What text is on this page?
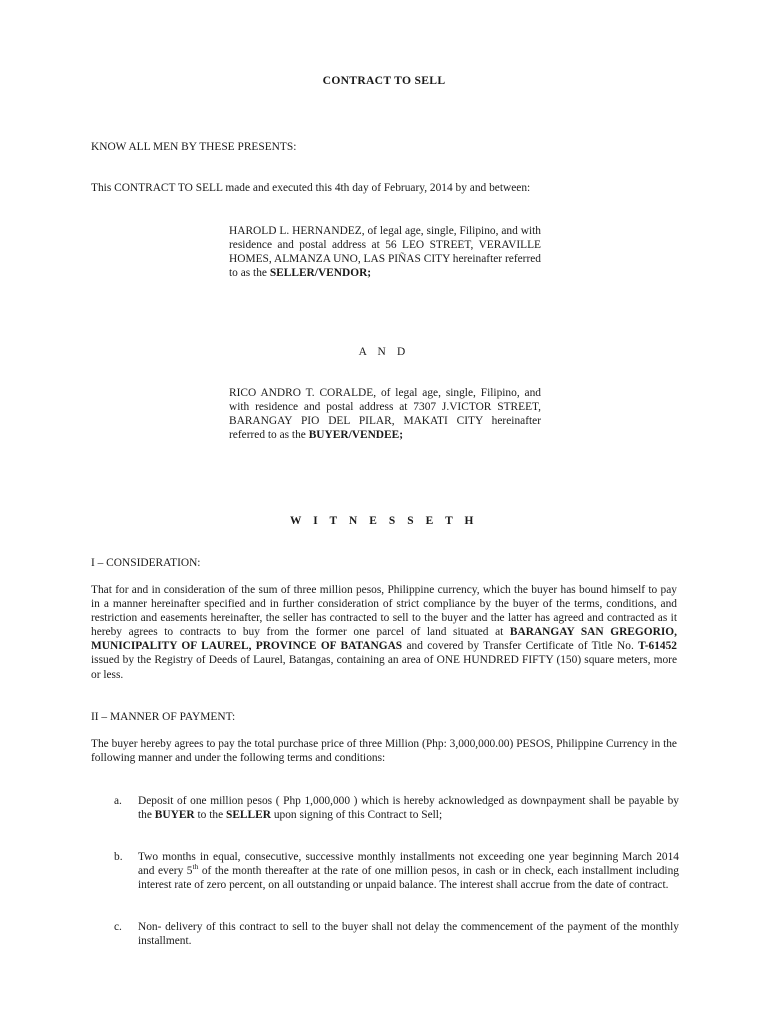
CONTRACT TO SELL
KNOW ALL MEN BY THESE PRESENTS:
This CONTRACT TO SELL made and executed this 4th day of February, 2014 by and between:
HAROLD L. HERNANDEZ, of legal age, single, Filipino, and with residence and postal address at 56 LEO STREET, VERAVILLE HOMES, ALMANZA UNO, LAS PIÑAS CITY hereinafter referred to as the SELLER/VENDOR;
A N D
RICO ANDRO T. CORALDE, of legal age, single, Filipino, and with residence and postal address at 7307 J.VICTOR STREET, BARANGAY PIO DEL PILAR, MAKATI CITY hereinafter referred to as the BUYER/VENDEE;
W I T N E S S E T H
I – CONSIDERATION:
That for and in consideration of the sum of three million pesos, Philippine currency, which the buyer has bound himself to pay in a manner hereinafter specified and in further consideration of strict compliance by the buyer of the terms, conditions, and restriction and easements hereinafter, the seller has contracted to sell to the buyer and the latter has agreed and contracted as it hereby agrees to contracts to buy from the former one parcel of land situated at BARANGAY SAN GREGORIO, MUNICIPALITY OF LAUREL, PROVINCE OF BATANGAS and covered by Transfer Certificate of Title No. T-61452 issued by the Registry of Deeds of Laurel, Batangas, containing an area of ONE HUNDRED FIFTY (150) square meters, more or less.
II – MANNER OF PAYMENT:
The buyer hereby agrees to pay the total purchase price of three Million (Php: 3,000,000.00) PESOS, Philippine Currency in the following manner and under the following terms and conditions:
a.	Deposit of one million pesos ( Php 1,000,000 ) which is hereby acknowledged as downpayment shall be payable by the BUYER to the SELLER upon signing of this Contract to Sell;
b.	Two months in equal, consecutive, successive monthly installments not exceeding one year beginning March 2014 and every 5th of the month thereafter at the rate of one million pesos, in cash or in check, each installment including interest rate of zero percent, on all outstanding or unpaid balance. The interest shall accrue from the date of contract.
c.	Non- delivery of this contract to sell to the buyer shall not delay the commencement of the payment of the monthly installment.
